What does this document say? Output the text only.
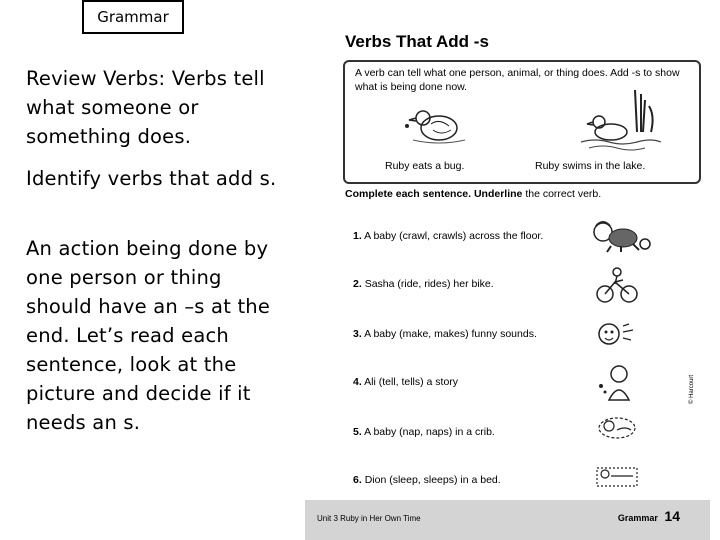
Grammar
Review Verbs: Verbs tell what someone or something does.
Identify verbs that add s.
An action being done by one person or thing should have an –s at the end. Let’s read each sentence, look at the picture and decide if it needs an s.
Verbs That Add -s
A verb can tell what one person, animal, or thing does. Add -s to show what is being done now.
Ruby eats a bug.	Ruby swims in the lake.
Complete each sentence. Underline the correct verb.
1. A baby (crawl, crawls) across the floor.
2. Sasha (ride, rides) her bike.
3. A baby (make, makes) funny sounds.
4. Ali (tell, tells) a story
5. A baby (nap, naps) in a crib.
6. Dion (sleep, sleeps) in a bed.
© Harcourt
Unit 3 Ruby in Her Own Time	Grammar 14
